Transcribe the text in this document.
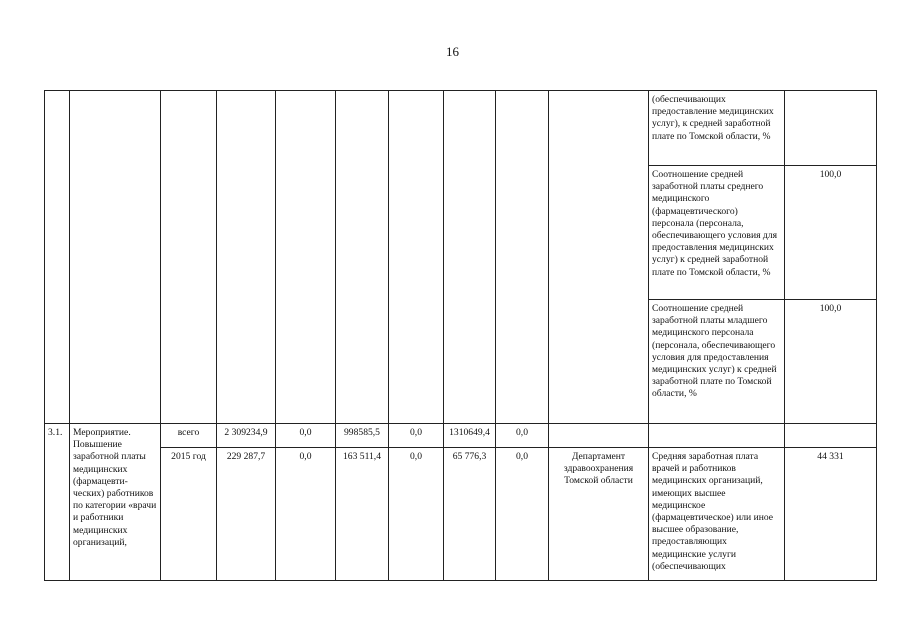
16
										(обеспечивающих предоставление медицинских услуг), к средней заработной плате по Томской области, %	
										Соотношение средней заработной платы среднего медицинского (фармацевтического) персонала (персонала, обеспечивающего условия для предоставления медицинских услуг) к средней заработной плате по Томской области, %	100,0
										Соотношение средней заработной платы младшего медицинского персонала (персонала, обеспечивающего условия для предоставления медицинских услуг) к средней заработной плате по Томской области, %	100,0
3.1.	Мероприятие. Повышение заработной платы медицинских (фармацевти-ческих) работников по категории «врачи и работники медицинских организаций,	всего	2 309234,9	0,0	998585,5	0,0	1310649,4	0,0			
		2015 год	229 287,7	0,0	163 511,4	0,0	65 776,3	0,0	Департамент здравоохранения Томской области	Средняя заработная плата врачей и работников медицинских организаций, имеющих высшее медицинское (фармацевтическое) или иное высшее образование, предоставляющих медицинские услуги (обеспечивающих	44 331
